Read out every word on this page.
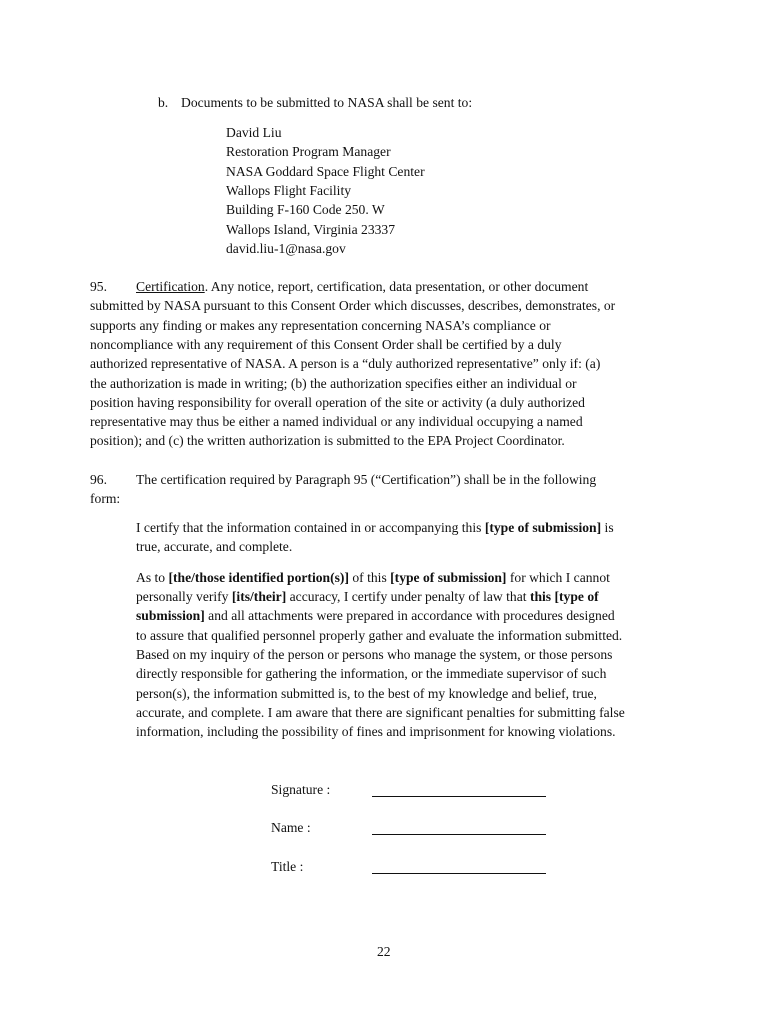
b. Documents to be submitted to NASA shall be sent to:
David Liu
Restoration Program Manager
NASA Goddard Space Flight Center
Wallops Flight Facility
Building F-160 Code 250. W
Wallops Island, Virginia 23337
david.liu-1@nasa.gov
95. Certification. Any notice, report, certification, data presentation, or other document
submitted by NASA pursuant to this Consent Order which discusses, describes, demonstrates, or
supports any finding or makes any representation concerning NASA’s compliance or
noncompliance with any requirement of this Consent Order shall be certified by a duly
authorized representative of NASA. A person is a “duly authorized representative” only if: (a)
the authorization is made in writing; (b) the authorization specifies either an individual or
position having responsibility for overall operation of the site or activity (a duly authorized
representative may thus be either a named individual or any individual occupying a named
position); and (c) the written authorization is submitted to the EPA Project Coordinator.
96. The certification required by Paragraph 95 (“Certification”) shall be in the following
form:
I certify that the information contained in or accompanying this [type of submission] is
true, accurate, and complete.
As to [the/those identified portion(s)] of this [type of submission] for which I cannot
personally verify [its/their] accuracy, I certify under penalty of law that this [type of
submission] and all attachments were prepared in accordance with procedures designed
to assure that qualified personnel properly gather and evaluate the information submitted.
Based on my inquiry of the person or persons who manage the system, or those persons
directly responsible for gathering the information, or the immediate supervisor of such
person(s), the information submitted is, to the best of my knowledge and belief, true,
accurate, and complete. I am aware that there are significant penalties for submitting false
information, including the possibility of fines and imprisonment for knowing violations.
Signature :
Name :
Title :
22
